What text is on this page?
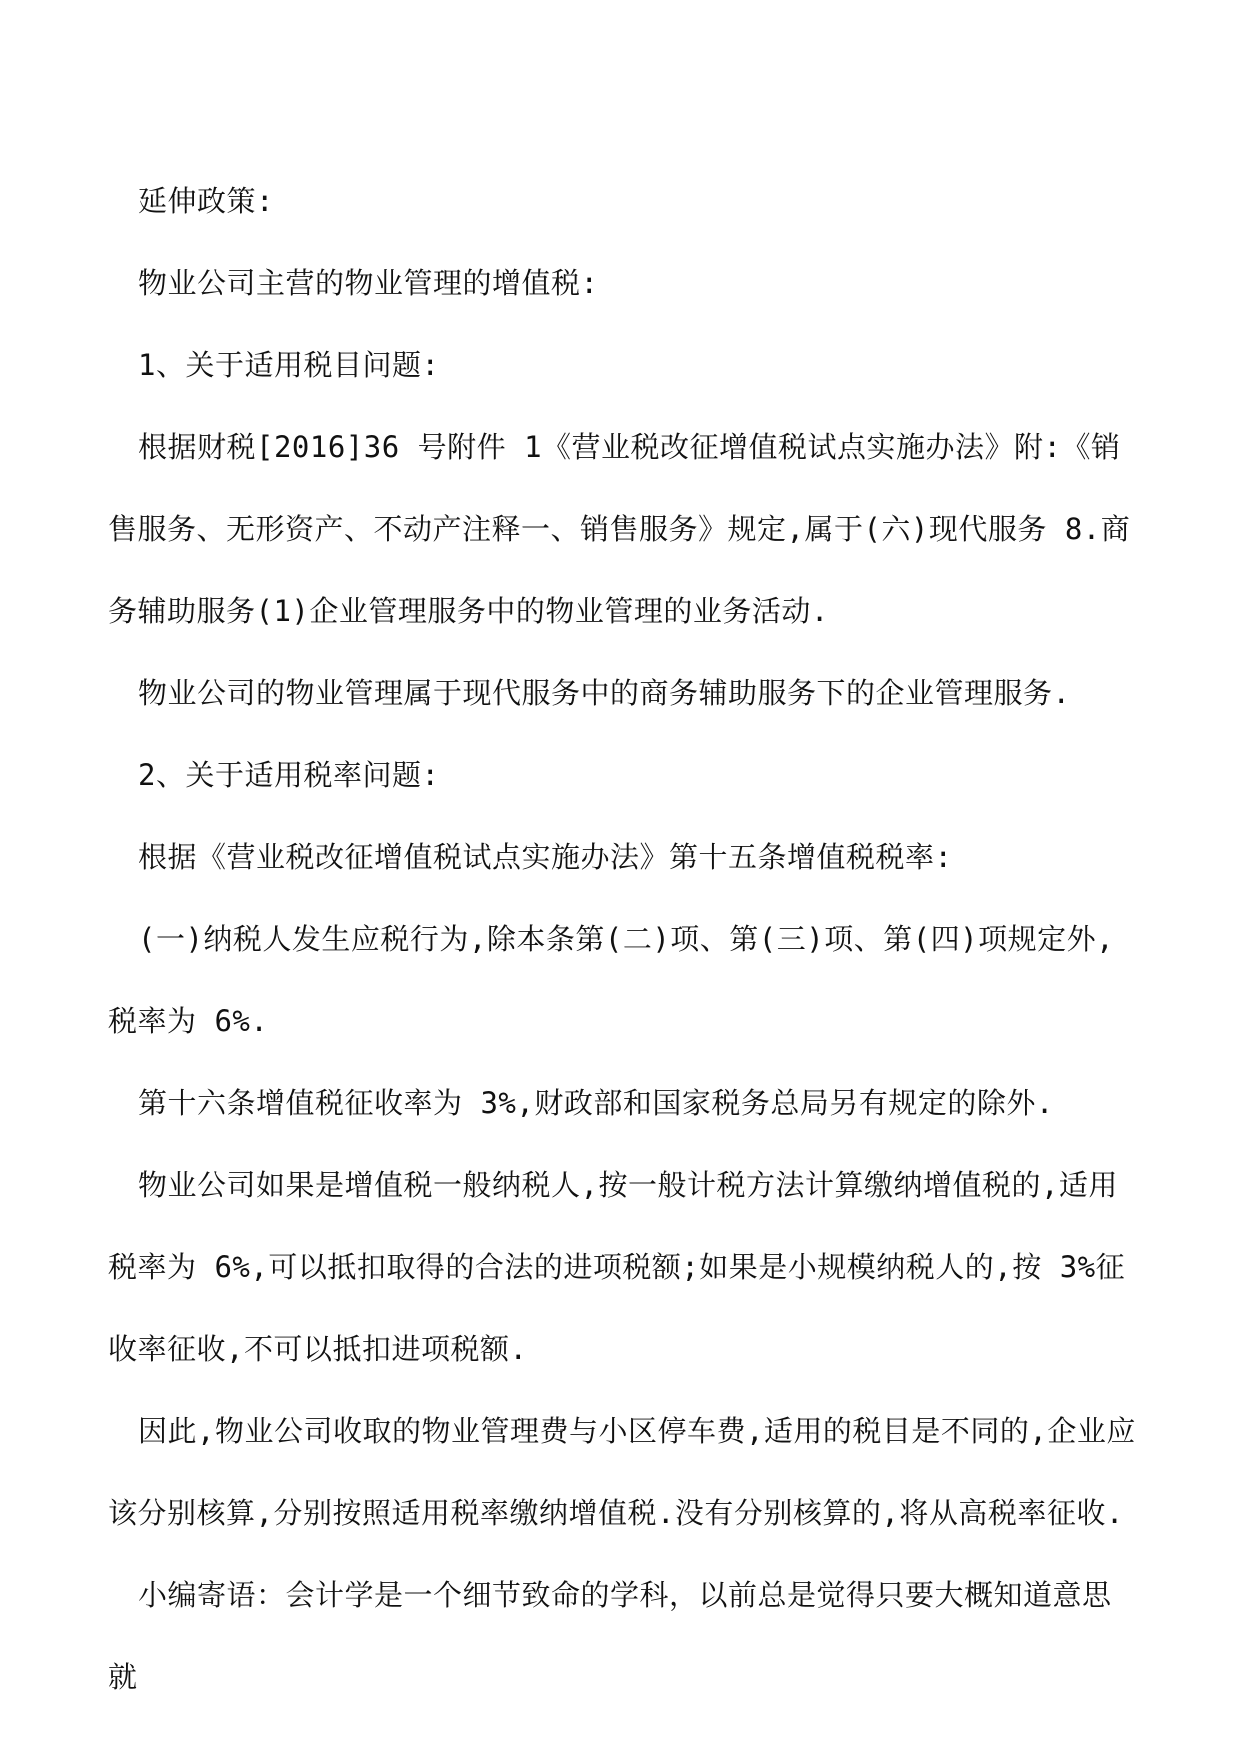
延伸政策:

物业公司主营的物业管理的增值税:

1、关于适用税目问题:

根据财税[2016]36 号附件 1《营业税改征增值税试点实施办法》附:《销售服务、无形资产、不动产注释一、销售服务》规定,属于(六)现代服务 8.商务辅助服务(1)企业管理服务中的物业管理的业务活动.

物业公司的物业管理属于现代服务中的商务辅助服务下的企业管理服务.

2、关于适用税率问题:

根据《营业税改征增值税试点实施办法》第十五条增值税税率:

(一)纳税人发生应税行为,除本条第(二)项、第(三)项、第(四)项规定外,税率为 6%.

第十六条增值税征收率为 3%,财政部和国家税务总局另有规定的除外.

物业公司如果是增值税一般纳税人,按一般计税方法计算缴纳增值税的,适用税率为 6%,可以抵扣取得的合法的进项税额;如果是小规模纳税人的,按 3%征收率征收,不可以抵扣进项税额.

因此,物业公司收取的物业管理费与小区停车费,适用的税目是不同的,企业应该分别核算,分别按照适用税率缴纳增值税.没有分别核算的,将从高税率征收.

小编寄语：会计学是一个细节致命的学科，以前总是觉得只要大概知道意思就
